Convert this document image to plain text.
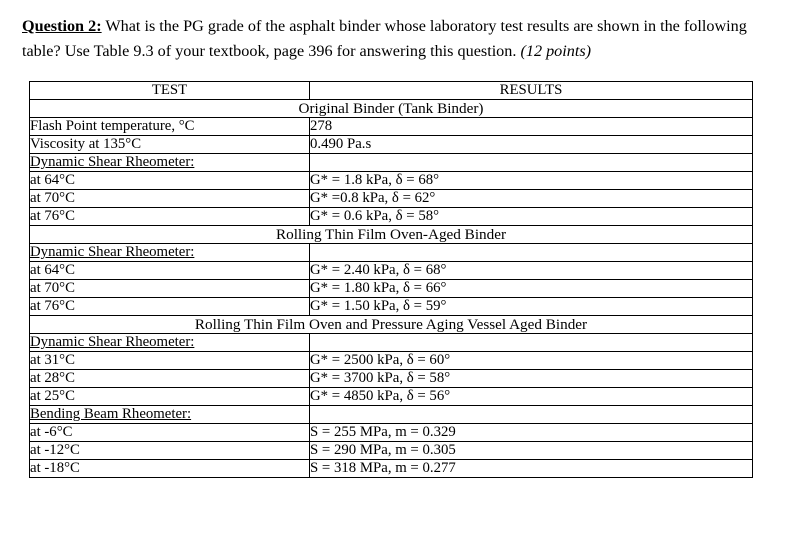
Question 2: What is the PG grade of the asphalt binder whose laboratory test results are shown in the following table? Use Table 9.3 of your textbook, page 396 for answering this question. (12 points)
TEST	RESULTS
Original Binder (Tank Binder)	
Flash Point temperature, °C	278
Viscosity at 135°C	0.490 Pa.s
Dynamic Shear Rheometer:	
at 64°C	G* = 1.8 kPa, δ = 68°
at 70°C	G* =0.8 kPa, δ = 62°
at 76°C	G* = 0.6 kPa, δ = 58°
Rolling Thin Film Oven-Aged Binder	
Dynamic Shear Rheometer:	
at 64°C	G* = 2.40 kPa, δ = 68°
at 70°C	G* = 1.80 kPa, δ = 66°
at 76°C	G* = 1.50 kPa, δ = 59°
Rolling Thin Film Oven and Pressure Aging Vessel Aged Binder	
Dynamic Shear Rheometer:	
at 31°C	G* = 2500 kPa, δ = 60°
at 28°C	G* = 3700 kPa, δ = 58°
at 25°C	G* = 4850 kPa, δ = 56°
Bending Beam Rheometer:	
at -6°C	S = 255 MPa, m = 0.329
at -12°C	S = 290 MPa, m = 0.305
at -18°C	S = 318 MPa, m = 0.277
